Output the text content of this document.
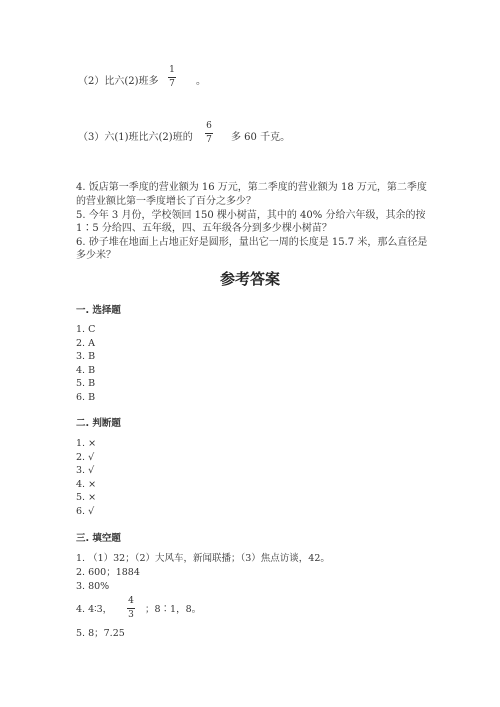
（2）比六(2)班多
1
7 。
（3）六(1)班比六(2)班的
6
7 多 60 千克。
4. 饭店第一季度的营业额为 16 万元，第二季度的营业额为 18 万元，第二季度
的营业额比第一季度增长了百分之多少？
5. 今年 3 月份，学校领回 150 棵小树苗，其中的 40% 分给六年级，其余的按
1∶5 分给四、五年级，四、五年级各分到多少棵小树苗？
6. 砂子堆在地面上占地正好是圆形，量出它一周的长度是 15.7 米，那么直径是
多少米？
参考答案
一. 选择题
1. C
2. A
3. B
4. B
5. B
6. B
二. 判断题
1. ×
2. √
3. √
4. ×
5. ×
6. √
三. 填空题
1. （1）32；（2）大风车，新闻联播；（3）焦点访谈，42。
2. 600；1884
3. 80%
4. 4∶3，
4
3 ；8∶1，8。
5. 8；7.25
